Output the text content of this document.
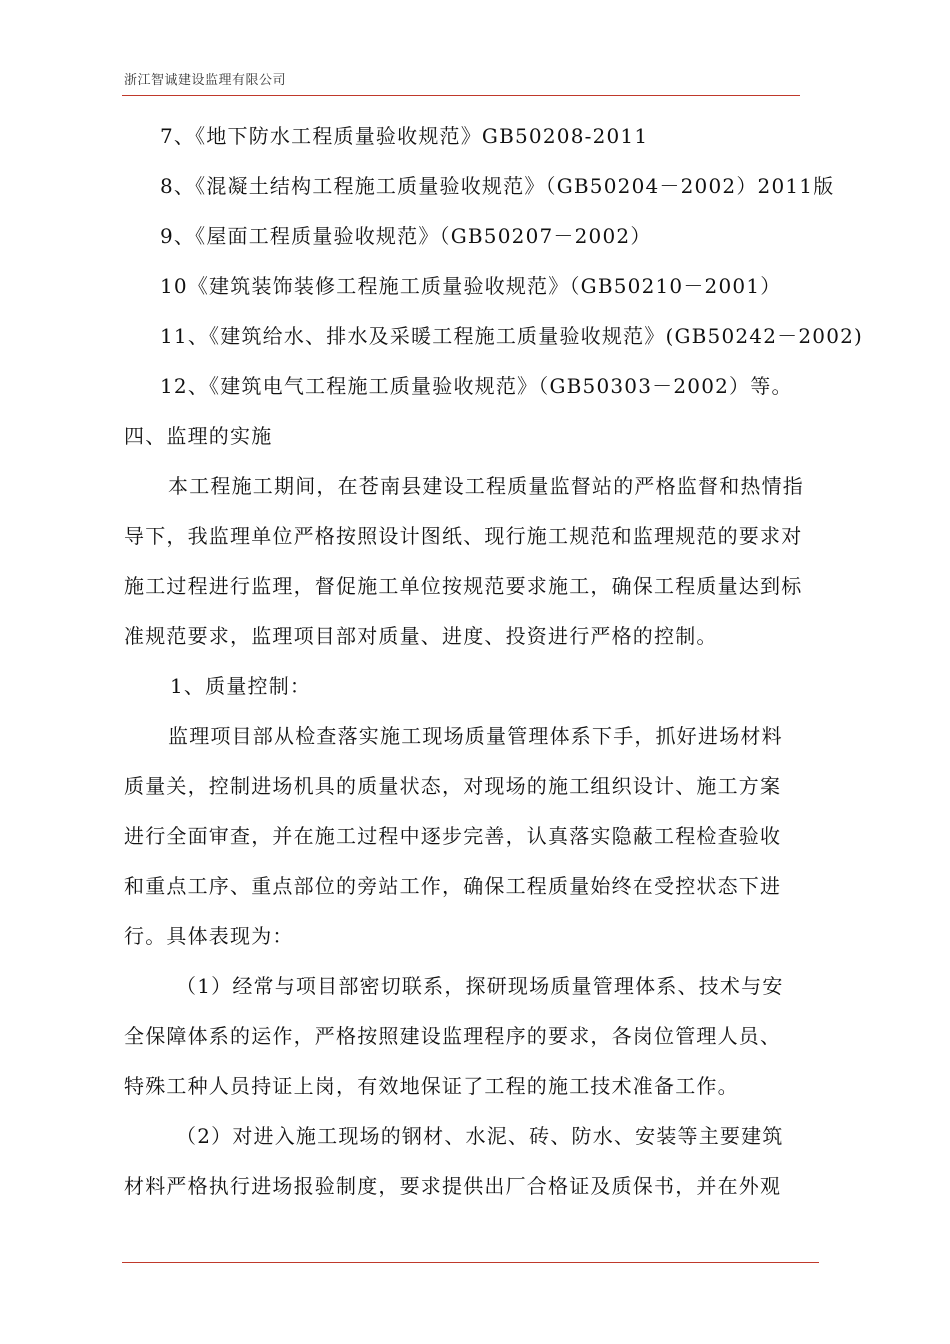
浙江智诚建设监理有限公司
7、《地下防水工程质量验收规范》GB50208-2011
8、《混凝土结构工程施工质量验收规范》（GB50204－2002）2011版
9、《屋面工程质量验收规范》（GB50207－2002）
10《建筑装饰装修工程施工质量验收规范》（GB50210－2001）
11、《建筑给水、排水及采暖工程施工质量验收规范》(GB50242－2002)
12、《建筑电气工程施工质量验收规范》（GB50303－2002）等。
四、监理的实施
本工程施工期间，在苍南县建设工程质量监督站的严格监督和热情指
导下，我监理单位严格按照设计图纸、现行施工规范和监理规范的要求对
施工过程进行监理，督促施工单位按规范要求施工，确保工程质量达到标
准规范要求，监理项目部对质量、进度、投资进行严格的控制。
1、质量控制：
监理项目部从检查落实施工现场质量管理体系下手，抓好进场材料
质量关，控制进场机具的质量状态，对现场的施工组织设计、施工方案
进行全面审查，并在施工过程中逐步完善，认真落实隐蔽工程检查验收
和重点工序、重点部位的旁站工作，确保工程质量始终在受控状态下进
行。具体表现为：
（1）经常与项目部密切联系，探研现场质量管理体系、技术与安
全保障体系的运作，严格按照建设监理程序的要求，各岗位管理人员、
特殊工种人员持证上岗，有效地保证了工程的施工技术准备工作。
（2）对进入施工现场的钢材、水泥、砖、防水、安装等主要建筑
材料严格执行进场报验制度，要求提供出厂合格证及质保书，并在外观
